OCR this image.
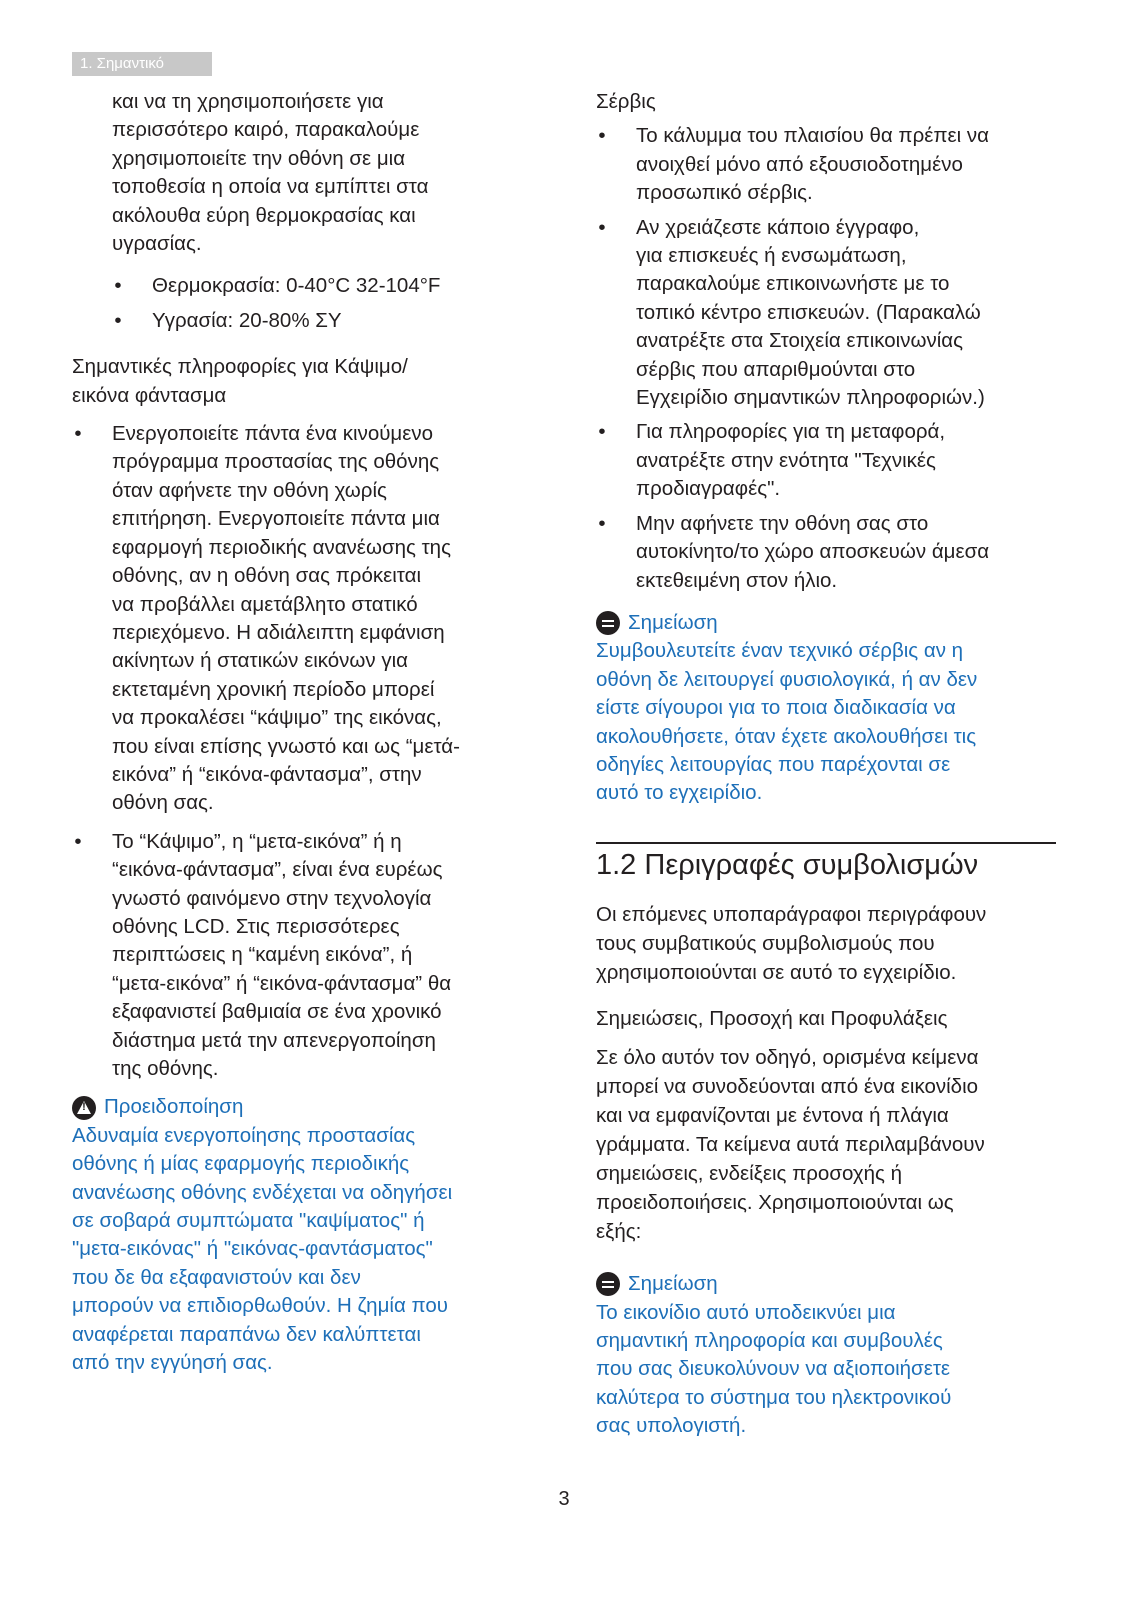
1. Σημαντικό

και να τη χρησιμοποιήσετε για
περισσότερο καιρό, παρακαλούμε
χρησιμοποιείτε την οθόνη σε μια
τοποθεσία η οποία να εμπίπτει στα
ακόλουθα εύρη θερμοκρασίας και
υγρασίας.

• Θερμοκρασία: 0-40°C 32-104°F
• Υγρασία: 20-80% ΣΥ

Σημαντικές πληροφορίες για Κάψιμο/
εικόνα φάντασμα

• Ενεργοποιείτε πάντα ένα κινούμενο
πρόγραμμα προστασίας της οθόνης
όταν αφήνετε την οθόνη χωρίς
επιτήρηση. Ενεργοποιείτε πάντα μια
εφαρμογή περιοδικής ανανέωσης της
οθόνης, αν η οθόνη σας πρόκειται
να προβάλλει αμετάβλητο στατικό
περιεχόμενο. Η αδιάλειπτη εμφάνιση
ακίνητων ή στατικών εικόνων για
εκτεταμένη χρονική περίοδο μπορεί
να προκαλέσει “κάψιμο” της εικόνας,
που είναι επίσης γνωστό και ως “μετά-
εικόνα” ή “εικόνα-φάντασμα”, στην
οθόνη σας.
• Το “Κάψιμο”, η “μετα-εικόνα” ή η
“εικόνα-φάντασμα”, είναι ένα ευρέως
γνωστό φαινόμενο στην τεχνολογία
οθόνης LCD. Στις περισσότερες
περιπτώσεις η “καμένη εικόνα”, ή
“μετα-εικόνα” ή “εικόνα-φάντασμα” θα
εξαφανιστεί βαθμιαία σε ένα χρονικό
διάστημα μετά την απενεργοποίηση
της οθόνης.
!
Προειδοποίηση

Αδυναμία ενεργοποίησης προστασίας
οθόνης ή μίας εφαρμογής περιοδικής
ανανέωσης οθόνης ενδέχεται να οδηγήσει
σε σοβαρά συμπτώματα "καψίματος" ή
"μετα-εικόνας" ή "εικόνας-φαντάσματος"
που δε θα εξαφανιστούν και δεν
μπορούν να επιδιορθωθούν. Η ζημία που
αναφέρεται παραπάνω δεν καλύπτεται
από την εγγύησή σας.

Σέρβις

• Το κάλυμμα του πλαισίου θα πρέπει να
ανοιχθεί μόνο από εξουσιοδοτημένο
προσωπικό σέρβις.
• Αν χρειάζεστε κάποιο έγγραφο,
για επισκευές ή ενσωμάτωση,
παρακαλούμε επικοινωνήστε με το
τοπικό κέντρο επισκευών. (Παρακαλώ
ανατρέξτε στα Στοιχεία επικοινωνίας
σέρβις που απαριθμούνται στο
Εγχειρίδιο σημαντικών πληροφοριών.)
• Για πληροφορίες για τη μεταφορά,
ανατρέξτε στην ενότητα "Τεχνικές
προδιαγραφές".
• Μην αφήνετε την οθόνη σας στο
αυτοκίνητο/το χώρο αποσκευών άμεσα
εκτεθειμένη στον ήλιο.
Σημείωση

Συμβουλευτείτε έναν τεχνικό σέρβις αν η
οθόνη δε λειτουργεί φυσιολογικά, ή αν δεν
είστε σίγουροι για το ποια διαδικασία να
ακολουθήσετε, όταν έχετε ακολουθήσει τις
οδηγίες λειτουργίας που παρέχονται σε
αυτό το εγχειρίδιο.

1.2 Περιγραφές συμβολισμών

Οι επόμενες υποπαράγραφοι περιγράφουν
τους συμβατικούς συμβολισμούς που
χρησιμοποιούνται σε αυτό το εγχειρίδιο.

Σημειώσεις, Προσοχή και Προφυλάξεις

Σε όλο αυτόν τον οδηγό, ορισμένα κείμενα
μπορεί να συνοδεύονται από ένα εικονίδιο
και να εμφανίζονται με έντονα ή πλάγια
γράμματα. Τα κείμενα αυτά περιλαμβάνουν
σημειώσεις, ενδείξεις προσοχής ή
προειδοποιήσεις. Χρησιμοποιούνται ως
εξής:

Σημείωση

Το εικονίδιο αυτό υποδεικνύει μια
σημαντική πληροφορία και συμβουλές
που σας διευκολύνουν να αξιοποιήσετε
καλύτερα το σύστημα του ηλεκτρονικού
σας υπολογιστή.

3
